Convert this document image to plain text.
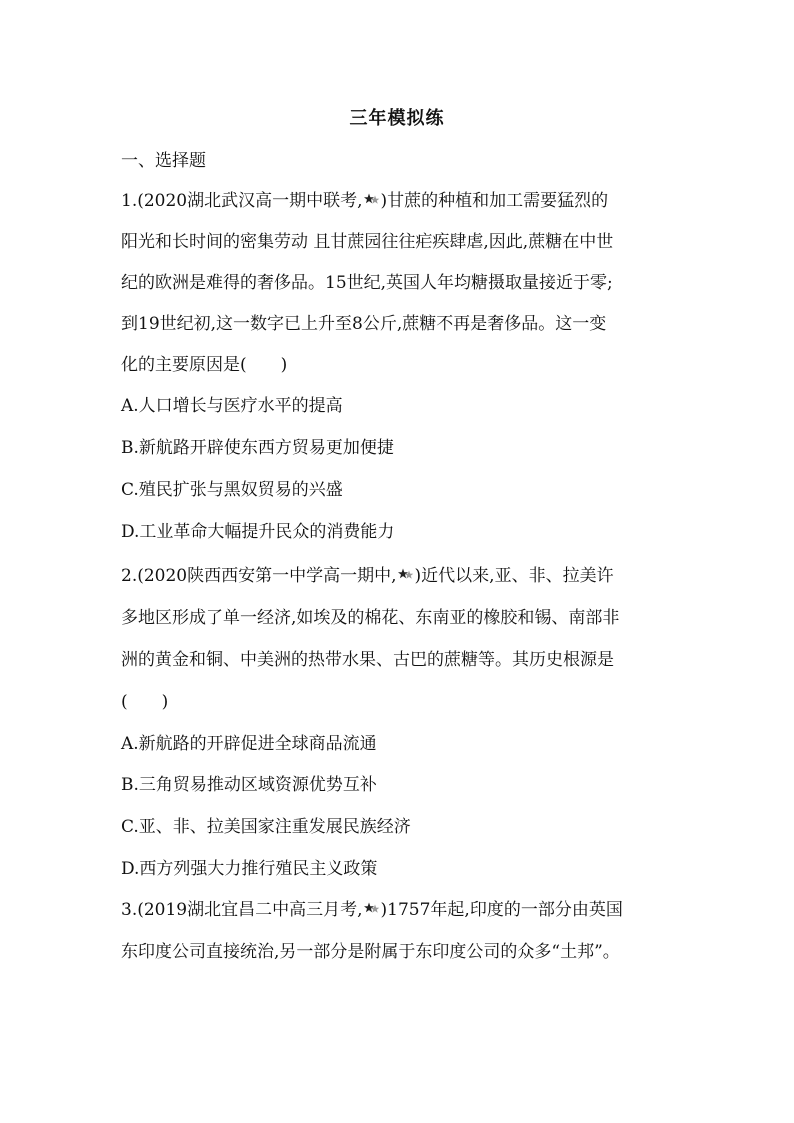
三年模拟练
一、选择题
1.(2020湖北武汉高一期中联考, )甘蔗的种植和加工需要猛烈的
阳光和长时间的密集劳动 且甘蔗园往往疟疾肆虐,因此,蔗糖在中世
纪的欧洲是难得的奢侈品。15世纪,英国人年均糖摄取量接近于零;
到19世纪初,这一数字已上升至8公斤,蔗糖不再是奢侈品。这一变
化的主要原因是(　　)
A.人口增长与医疗水平的提高
B.新航路开辟使东西方贸易更加便捷
C.殖民扩张与黑奴贸易的兴盛
D.工业革命大幅提升民众的消费能力
2.(2020陕西西安第一中学高一期中, )近代以来,亚、非、拉美许
多地区形成了单一经济,如埃及的棉花、东南亚的橡胶和锡、南部非
洲的黄金和铜、中美洲的热带水果、古巴的蔗糖等。其历史根源是
(　　)
A.新航路的开辟促进全球商品流通
B.三角贸易推动区域资源优势互补
C.亚、非、拉美国家注重发展民族经济
D.西方列强大力推行殖民主义政策
3.(2019湖北宜昌二中高三月考, )1757年起,印度的一部分由英国
东印度公司直接统治,另一部分是附属于东印度公司的众多“土邦”。
